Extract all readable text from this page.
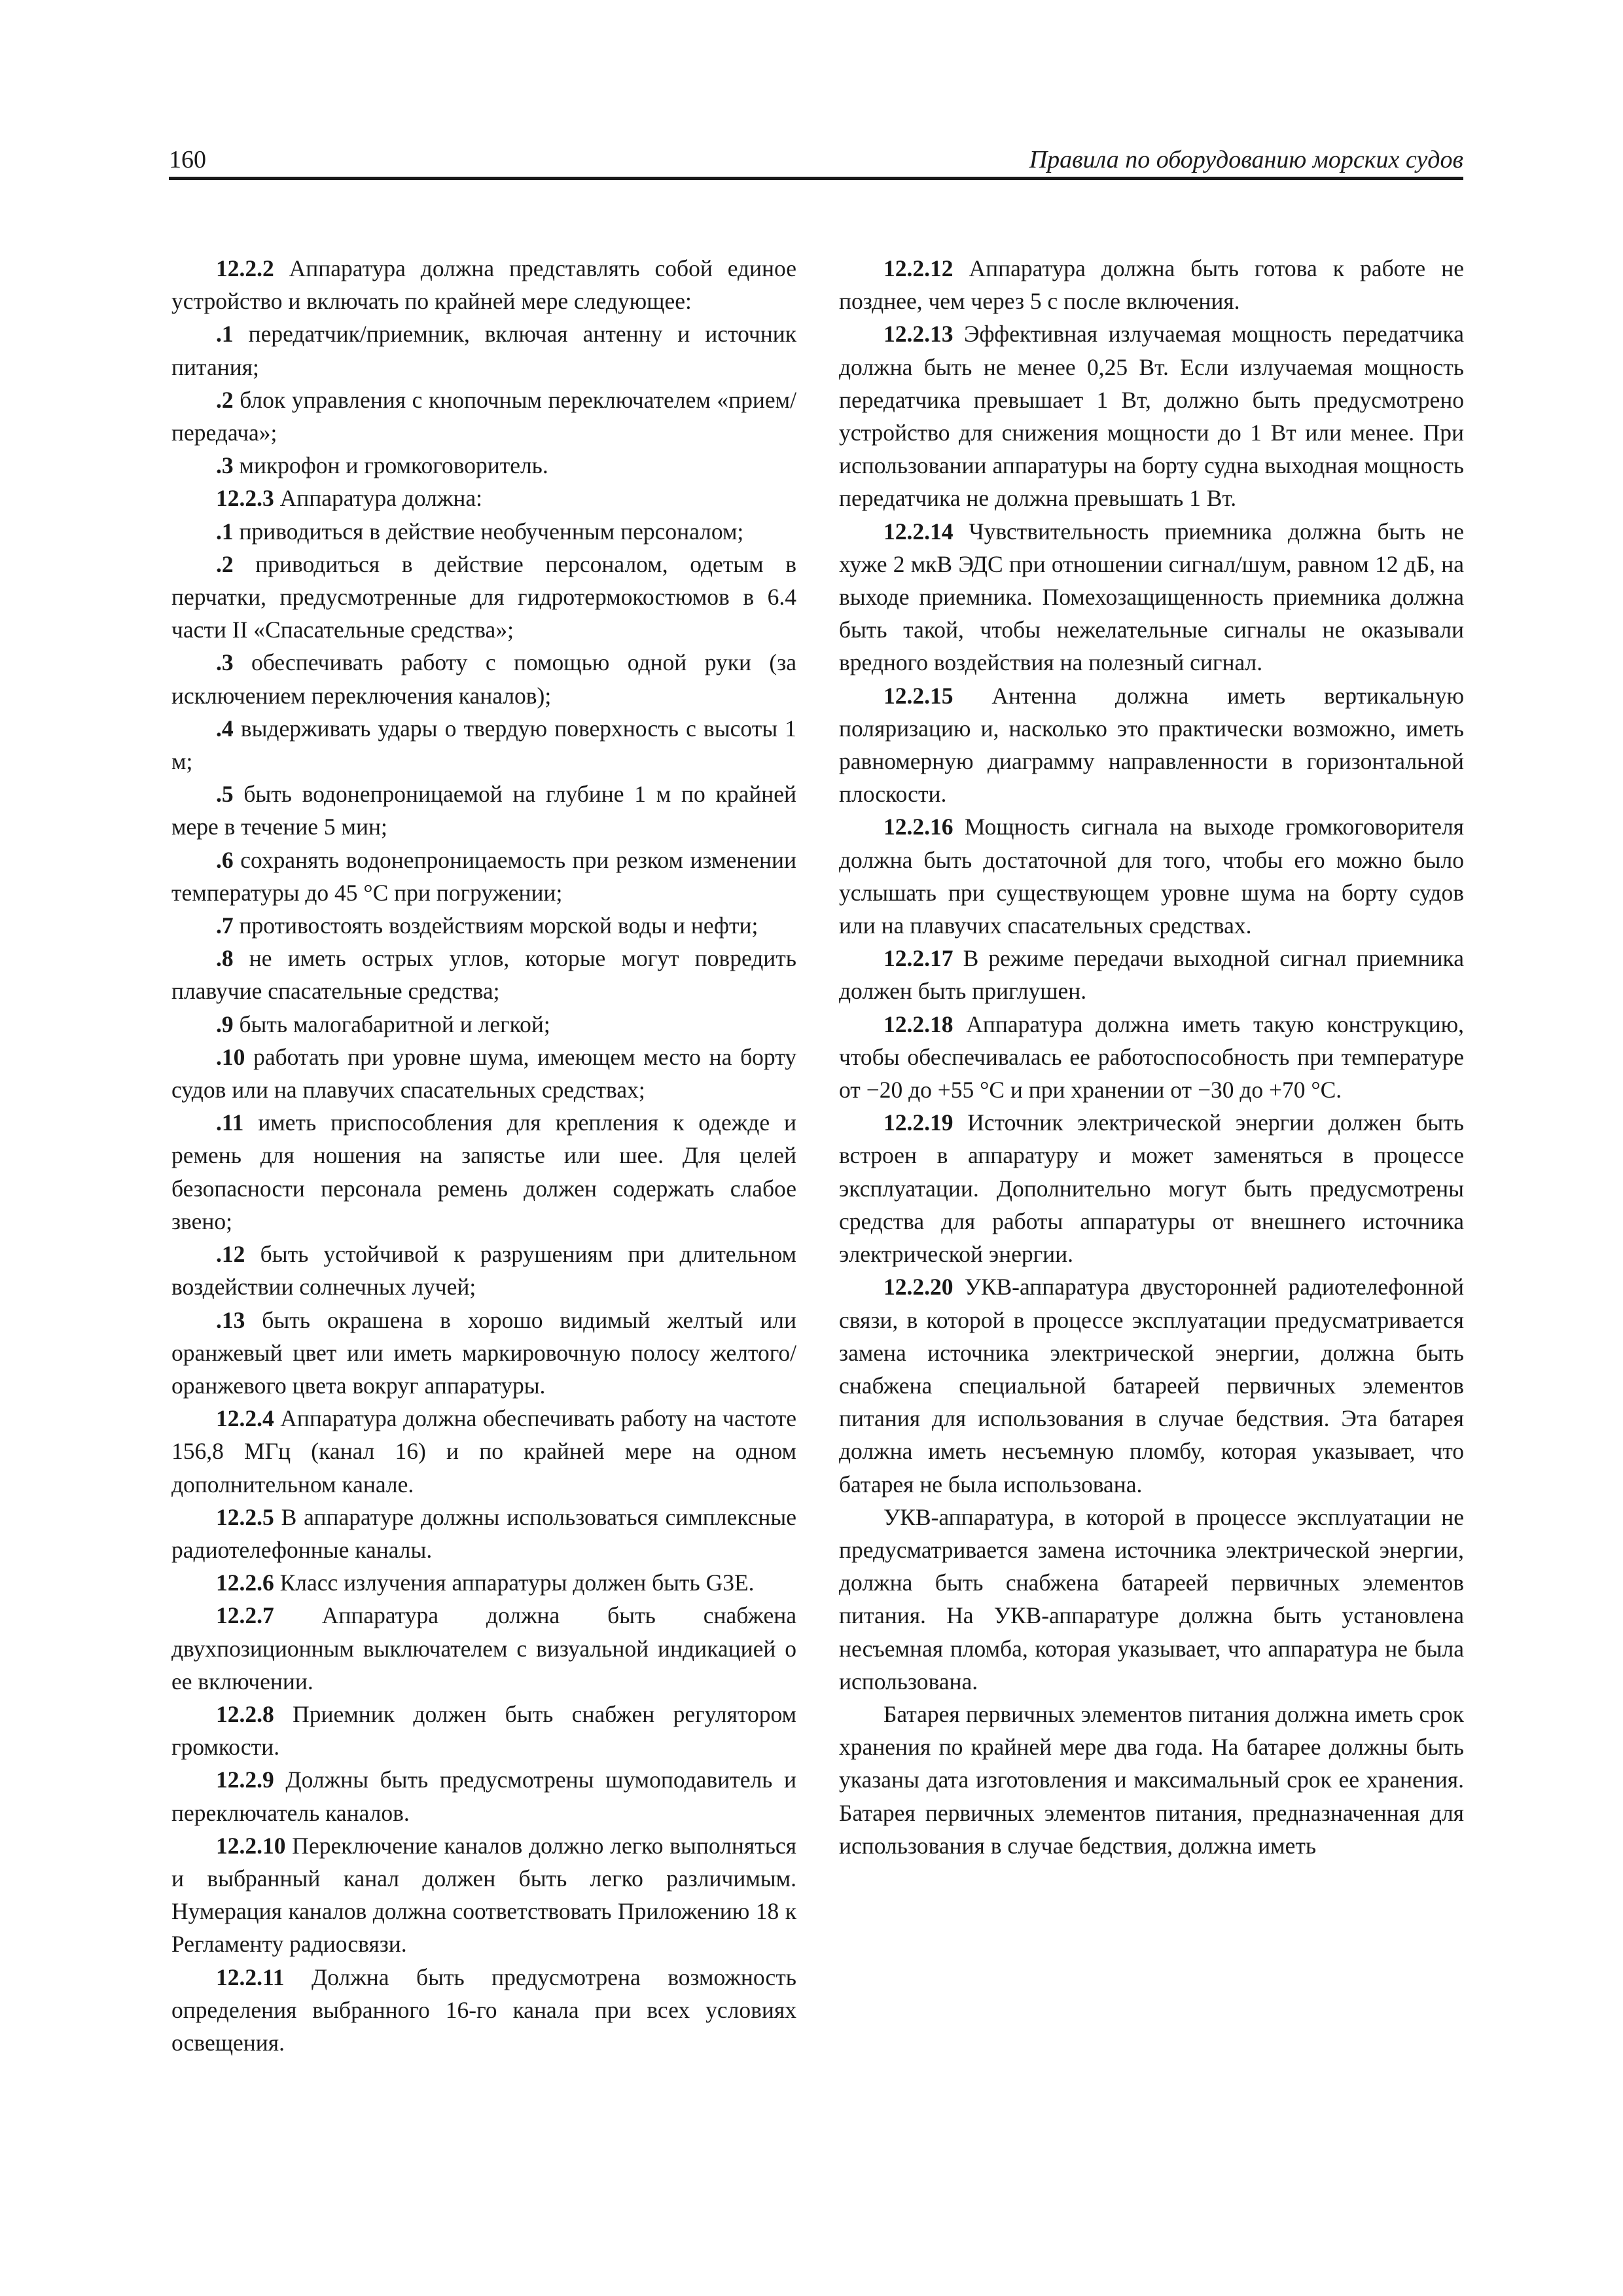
160	Правила по оборудованию морских судов

12.2.2 Аппаратура должна представлять собой единое устройство и включать по крайней мере следующее:

.1 передатчик/приемник, включая антенну и источник питания;

.2 блок управления с кнопочным переключателем «прием/передача»;

.3 микрофон и громкоговоритель.

12.2.3 Аппаратура должна:

.1 приводиться в действие необученным персоналом;

.2 приводиться в действие персоналом, одетым в перчатки, предусмотренные для гидротермокостюмов в 6.4 части II «Спасательные средства»;

.3 обеспечивать работу с помощью одной руки (за исключением переключения каналов);

.4 выдерживать удары о твердую поверхность с высоты 1 м;

.5 быть водонепроницаемой на глубине 1 м по крайней мере в течение 5 мин;

.6 сохранять водонепроницаемость при резком изменении температуры до 45 °C при погружении;

.7 противостоять воздействиям морской воды и нефти;

.8 не иметь острых углов, которые могут повредить плавучие спасательные средства;

.9 быть малогабаритной и легкой;

.10 работать при уровне шума, имеющем место на борту судов или на плавучих спасательных средствах;

.11 иметь приспособления для крепления к одежде и ремень для ношения на запястье или шее. Для целей безопасности персонала ремень должен содержать слабое звено;

.12 быть устойчивой к разрушениям при длительном воздействии солнечных лучей;

.13 быть окрашена в хорошо видимый желтый или оранжевый цвет или иметь маркировочную полосу желтого/оранжевого цвета вокруг аппаратуры.

12.2.4 Аппаратура должна обеспечивать работу на частоте 156,8 МГц (канал 16) и по крайней мере на одном дополнительном канале.

12.2.5 В аппаратуре должны использоваться симплексные радиотелефонные каналы.

12.2.6 Класс излучения аппаратуры должен быть G3E.

12.2.7 Аппаратура должна быть снабжена двухпозиционным выключателем с визуальной индикацией о ее включении.

12.2.8 Приемник должен быть снабжен регулятором громкости.

12.2.9 Должны быть предусмотрены шумоподавитель и переключатель каналов.

12.2.10 Переключение каналов должно легко выполняться и выбранный канал должен быть легко различимым. Нумерация каналов должна соответствовать Приложению 18 к Регламенту радиосвязи.

12.2.11 Должна быть предусмотрена возможность определения выбранного 16-го канала при всех условиях освещения.

12.2.12 Аппаратура должна быть готова к работе не позднее, чем через 5 с после включения.

12.2.13 Эффективная излучаемая мощность передатчика должна быть не менее 0,25 Вт. Если излучаемая мощность передатчика превышает 1 Вт, должно быть предусмотрено устройство для снижения мощности до 1 Вт или менее. При использовании аппаратуры на борту судна выходная мощность передатчика не должна превышать 1 Вт.

12.2.14 Чувствительность приемника должна быть не хуже 2 мкВ ЭДС при отношении сигнал/шум, равном 12 дБ, на выходе приемника. Помехозащищенность приемника должна быть такой, чтобы нежелательные сигналы не оказывали вредного воздействия на полезный сигнал.

12.2.15 Антенна должна иметь вертикальную поляризацию и, насколько это практически возможно, иметь равномерную диаграмму направленности в горизонтальной плоскости.

12.2.16 Мощность сигнала на выходе громкоговорителя должна быть достаточной для того, чтобы его можно было услышать при существующем уровне шума на борту судов или на плавучих спасательных средствах.

12.2.17 В режиме передачи выходной сигнал приемника должен быть приглушен.

12.2.18 Аппаратура должна иметь такую конструкцию, чтобы обеспечивалась ее работоспособность при температуре от −20 до +55 °C и при хранении от −30 до +70 °C.

12.2.19 Источник электрической энергии должен быть встроен в аппаратуру и может заменяться в процессе эксплуатации. Дополнительно могут быть предусмотрены средства для работы аппаратуры от внешнего источника электрической энергии.

12.2.20 УКВ-аппаратура двусторонней радиотелефонной связи, в которой в процессе эксплуатации предусматривается замена источника электрической энергии, должна быть снабжена специальной батареей первичных элементов питания для использования в случае бедствия. Эта батарея должна иметь несъемную пломбу, которая указывает, что батарея не была использована.

УКВ-аппаратура, в которой в процессе эксплуатации не предусматривается замена источника электрической энергии, должна быть снабжена батареей первичных элементов питания. На УКВ-аппаратуре должна быть установлена несъемная пломба, которая указывает, что аппаратура не была использована.

Батарея первичных элементов питания должна иметь срок хранения по крайней мере два года. На батарее должны быть указаны дата изготовления и максимальный срок ее хранения. Батарея первичных элементов питания, предназначенная для использования в случае бедствия, должна иметь
